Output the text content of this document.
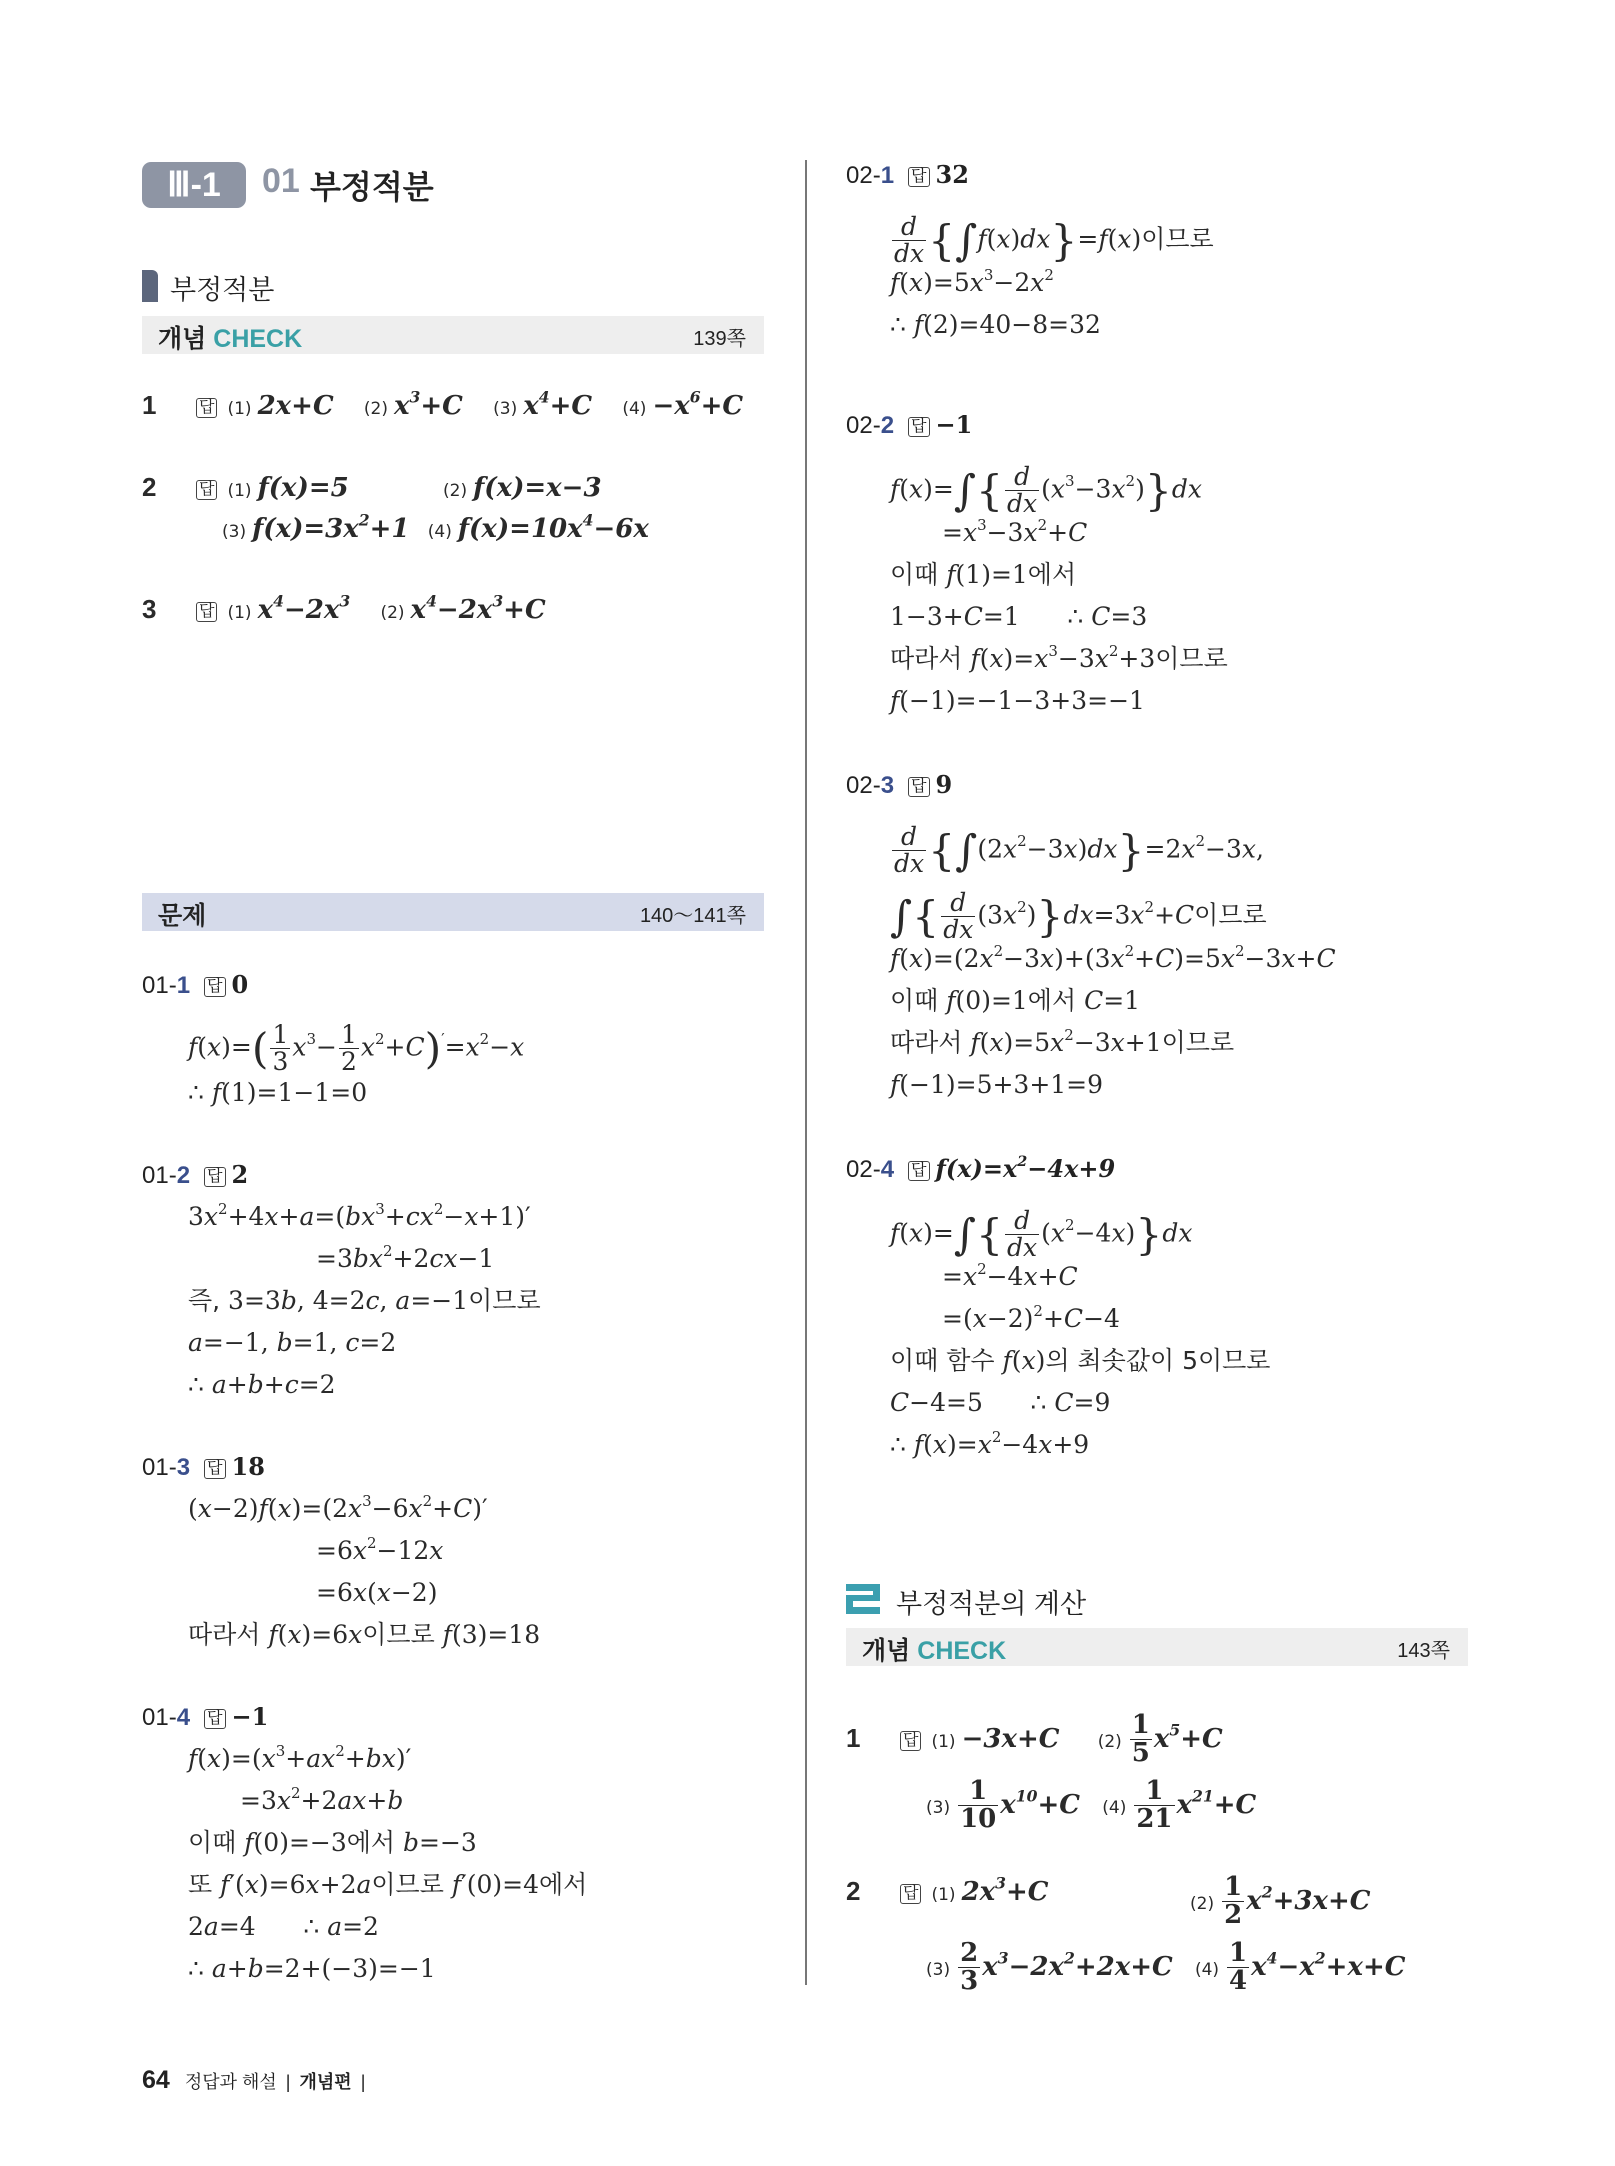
Ⅲ-1	01 부정적분
부정적분
개념 CHECK	139쪽
1	답 (1) 2x+C (2) $x^3+C$ (3) $x^4+C$ $(4) -x^6+C$
2	답 (1) f(x)=5	(2) f(x)=x−3
(3) $f(x)=3x^2+1$ (4) $f(x)=10x^4-6x$
3	답 (1) $x^4-2x^3$ (2) $x^4-2x^3+C$
문제	140～141쪽
01-1 답 0
$f(x)=( \frac{1}{3} x^3- \frac{1}{2} x^2+C)'=x^2-x$
∴ f(1)=1−1=0
01-2 답 2
$3x^2+4x+a=(bx^3+cx^2-x+1)'$
$=3bx^2+2cx-1$
즉, 3=3b, 4=2c, a=−1이므로
a=−1, b=1, c=2
∴ a+b+c=2
01-3 답 18
$(x-2)f(x)=(2x^3-6x^2+C)'$
$=6x^2-12x$
=6x(x−2)
따라서 f(x)=6x이므로 f(3)=18
01-4 답 −1
$f(x)=(x^3+ax^2+bx)'$
$=3x^2+2ax+b$
이때 f(0)=−3에서 b=−3
또 f′(x)=6x+2a이므로 f′(0)=4에서
2a=4      ∴ a=2
∴ a+b=2+(−3)=−1
02-1 답 32
$\frac{d}{dx} \{\int f(x)dx\}=f(x)$이므로
$f(x)=5x^3-2x^2$
∴ f(2)=40−8=32
02-2 답 −1
$f(x)=\int\{ \frac{d}{dx} (x^3-3x^2)\}dx$
$=x^3-3x^2+C$
이때 f(1)=1에서
1−3+C=1      ∴ C=3
따라서 $f(x)=x^3-3x^2+3$이므로
f(−1)=−1−3+3=−1
02-3 답 9
$\frac{d}{dx} \{\int(2x^2-3x)dx\}=2x^2-3x$,
∫{ $\frac{d}{dx} (3x^2)\}dx=3x^2+C$이므로
$f(x)=(2x^2-3x)+(3x^2+C)=5x^2-3x+C$
이때 f(0)=1에서 C=1
따라서 $f(x)=5x^2-3x+1$이므로
f(−1)=5+3+1=9
02-4 답 $f(x)=x^2-4x+9$
$f(x)=\int\{ \frac{d}{dx} (x^2-4x)\}dx$
$=x^2-4x+C$
$=(x-2)^2+C-4$
이때 함수 f(x)의 최솟값이 5이므로
C−4=5      ∴ C=9
∴ $f(x)=x^2-4x+9$
부정적분의 계산
개념 CHECK	143쪽
1	답 (1) −3x+C $(2) \frac{1}{5} x^5+C$
$(3) \frac{1}{10} x^{10}+C$ $(4) \frac{1}{21} x^{21}+C$
2	답 (1) $2x^3+C$	$(2) \frac{1}{2} x^2+3x+C$
$(3) \frac{2}{3} x^3-2x^2+2x+C$ $(4) \frac{1}{4} x^4-x^2+x+C$
64 정답과 해설 | 개념편 |
